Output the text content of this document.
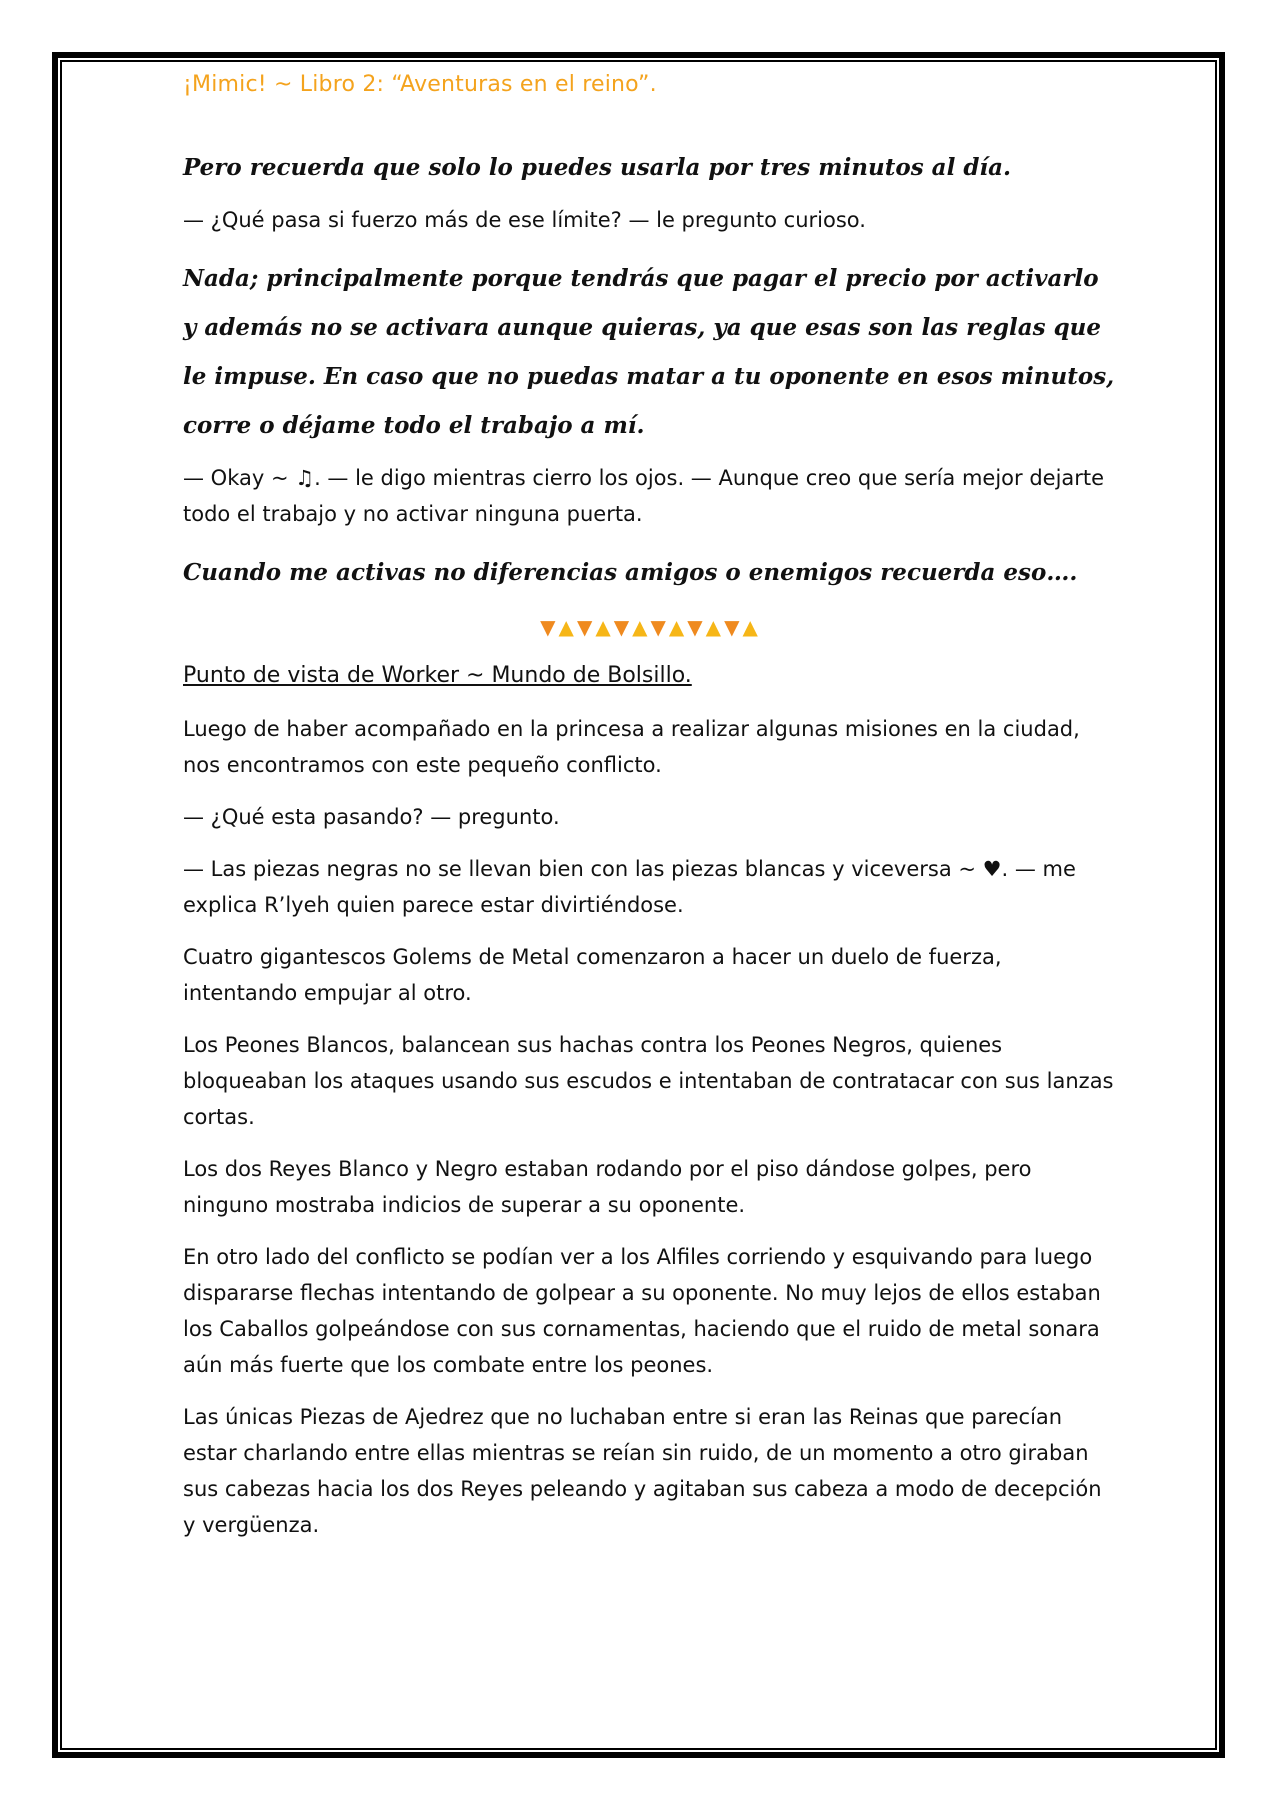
¡Mimic! ~ Libro 2: “Aventuras en el reino”.

Pero recuerda que solo lo puedes usarla por tres minutos al día.

— ¿Qué pasa si fuerzo más de ese límite? — le pregunto curioso.

Nada; principalmente porque tendrás que pagar el precio por activarlo y además no se activara aunque quieras, ya que esas son las reglas que le impuse. En caso que no puedas matar a tu oponente en esos minutos, corre o déjame todo el trabajo a mí.

— Okay ~ ♫. — le digo mientras cierro los ojos. — Aunque creo que sería mejor dejarte todo el trabajo y no activar ninguna puerta.

Cuando me activas no diferencias amigos o enemigos recuerda eso….

▼▲▼▲▼▲▼▲▼▲▼▲
Punto de vista de Worker ~ Mundo de Bolsillo.

Luego de haber acompañado en la princesa a realizar algunas misiones en la ciudad, nos encontramos con este pequeño conflicto.

— ¿Qué esta pasando? — pregunto.

— Las piezas negras no se llevan bien con las piezas blancas y viceversa ~ ♥. — me explica R’lyeh quien parece estar divirtiéndose.

Cuatro gigantescos Golems de Metal comenzaron a hacer un duelo de fuerza, intentando empujar al otro.

Los Peones Blancos, balancean sus hachas contra los Peones Negros, quienes bloqueaban los ataques usando sus escudos e intentaban de contratacar con sus lanzas cortas.

Los dos Reyes Blanco y Negro estaban rodando por el piso dándose golpes, pero ninguno mostraba indicios de superar a su oponente.

En otro lado del conflicto se podían ver a los Alfiles corriendo y esquivando para luego dispararse flechas intentando de golpear a su oponente. No muy lejos de ellos estaban los Caballos golpeándose con sus cornamentas, haciendo que el ruido de metal sonara aún más fuerte que los combate entre los peones.

Las únicas Piezas de Ajedrez que no luchaban entre si eran las Reinas que parecían estar charlando entre ellas mientras se reían sin ruido, de un momento a otro giraban sus cabezas hacia los dos Reyes peleando y agitaban sus cabeza a modo de decepción y vergüenza.
